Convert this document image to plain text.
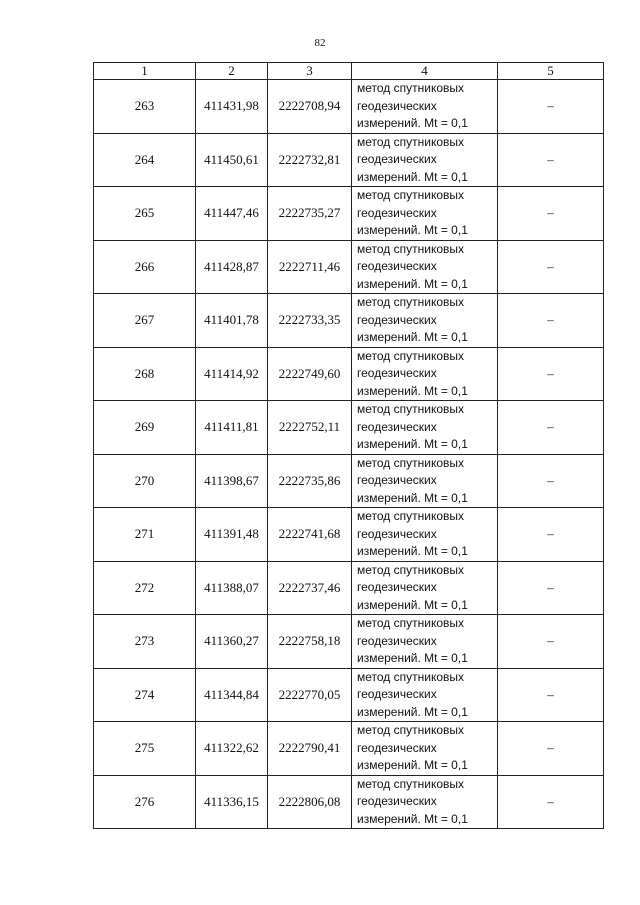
82
1	2	3	4	5
263	411431,98	2222708,94	метод спутниковых
геодезических
измерений. Mt = 0,1	–
264	411450,61	2222732,81	метод спутниковых
геодезических
измерений. Mt = 0,1	–
265	411447,46	2222735,27	метод спутниковых
геодезических
измерений. Mt = 0,1	–
266	411428,87	2222711,46	метод спутниковых
геодезических
измерений. Mt = 0,1	–
267	411401,78	2222733,35	метод спутниковых
геодезических
измерений. Mt = 0,1	–
268	411414,92	2222749,60	метод спутниковых
геодезических
измерений. Mt = 0,1	–
269	411411,81	2222752,11	метод спутниковых
геодезических
измерений. Mt = 0,1	–
270	411398,67	2222735,86	метод спутниковых
геодезических
измерений. Mt = 0,1	–
271	411391,48	2222741,68	метод спутниковых
геодезических
измерений. Mt = 0,1	–
272	411388,07	2222737,46	метод спутниковых
геодезических
измерений. Mt = 0,1	–
273	411360,27	2222758,18	метод спутниковых
геодезических
измерений. Mt = 0,1	–
274	411344,84	2222770,05	метод спутниковых
геодезических
измерений. Mt = 0,1	–
275	411322,62	2222790,41	метод спутниковых
геодезических
измерений. Mt = 0,1	–
276	411336,15	2222806,08	метод спутниковых
геодезических
измерений. Mt = 0,1	–
